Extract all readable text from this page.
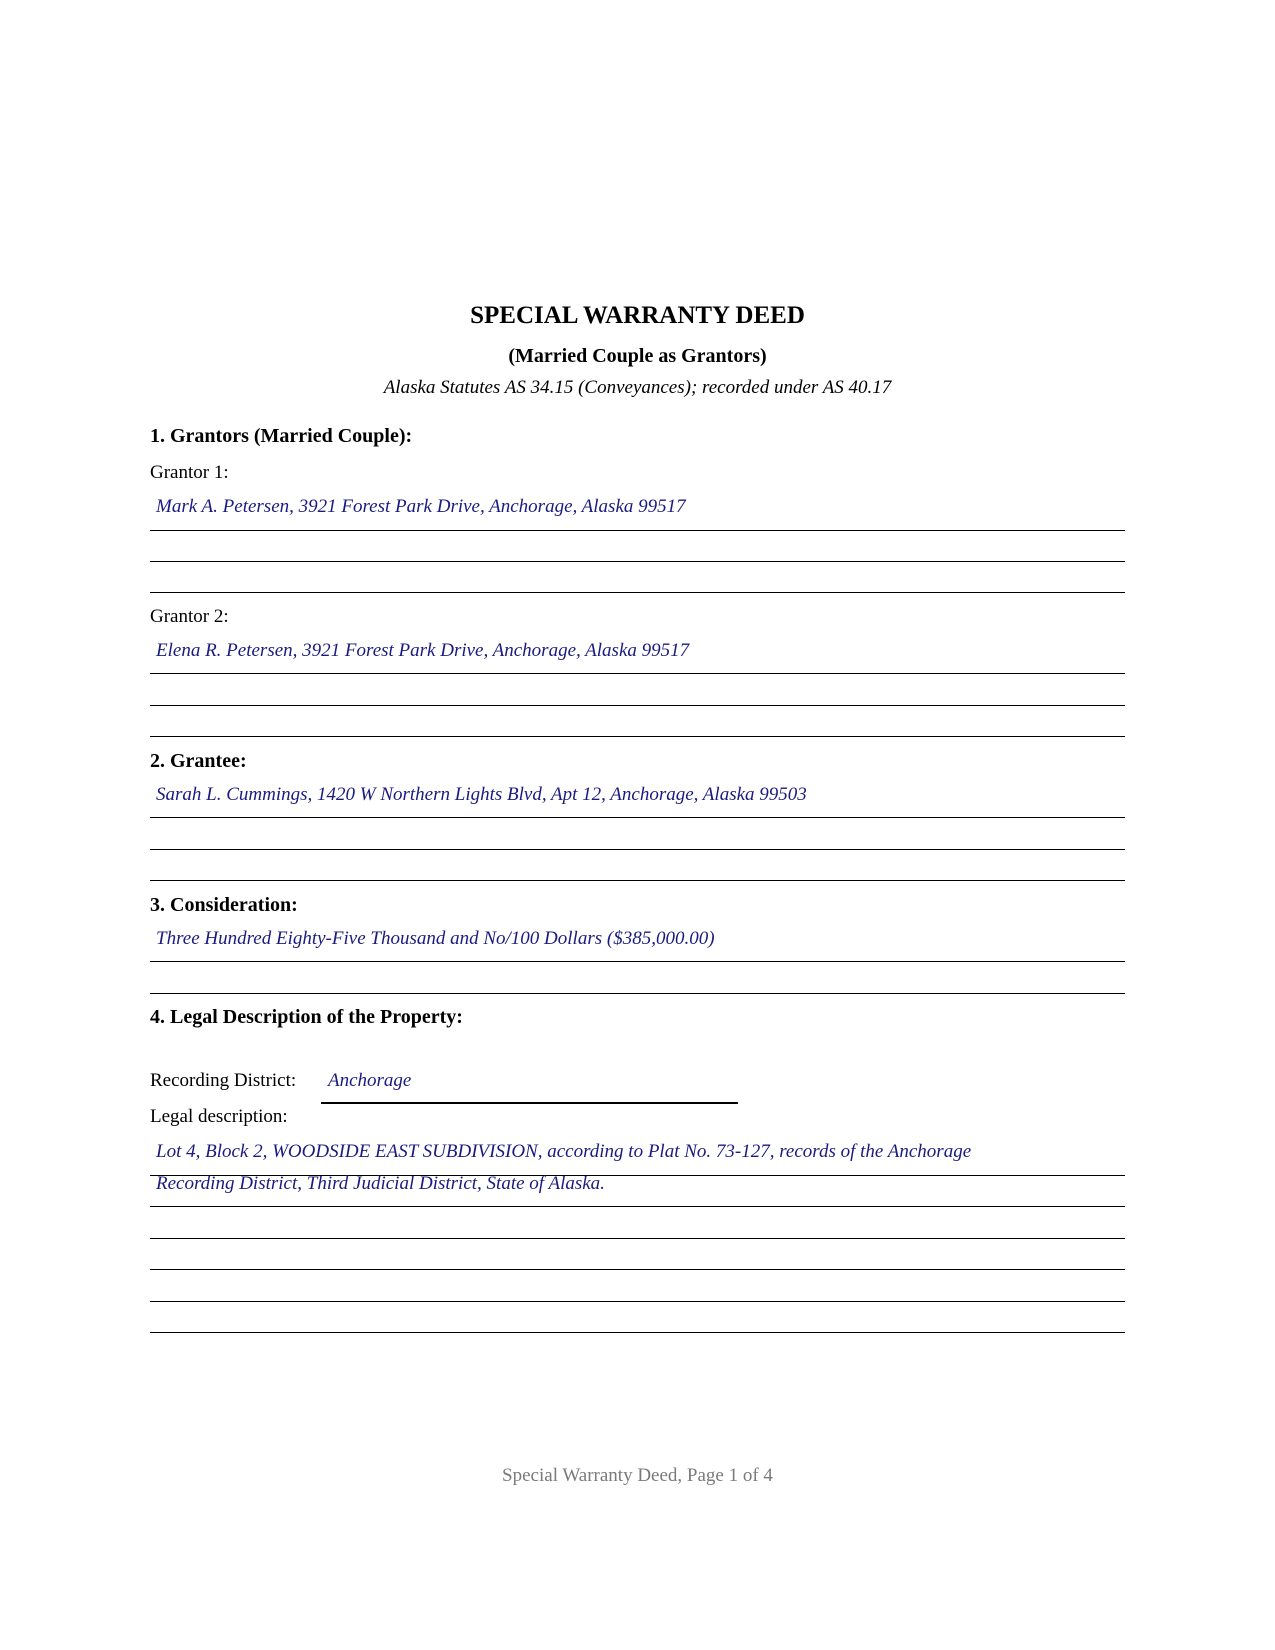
SPECIAL WARRANTY DEED
(Married Couple as Grantors)
Alaska Statutes AS 34.15 (Conveyances); recorded under AS 40.17
1. Grantors (Married Couple):
Grantor 1:
Mark A. Petersen, 3921 Forest Park Drive, Anchorage, Alaska 99517
Grantor 2:
Elena R. Petersen, 3921 Forest Park Drive, Anchorage, Alaska 99517
2. Grantee:
Sarah L. Cummings, 1420 W Northern Lights Blvd, Apt 12, Anchorage, Alaska 99503
3. Consideration:
Three Hundred Eighty-Five Thousand and No/100 Dollars ($385,000.00)
4. Legal Description of the Property:
Recording District: Anchorage
Legal description:
Lot 4, Block 2, WOODSIDE EAST SUBDIVISION, according to Plat No. 73-127, records of the Anchorage
Recording District, Third Judicial District, State of Alaska.
Special Warranty Deed, Page 1 of 4
